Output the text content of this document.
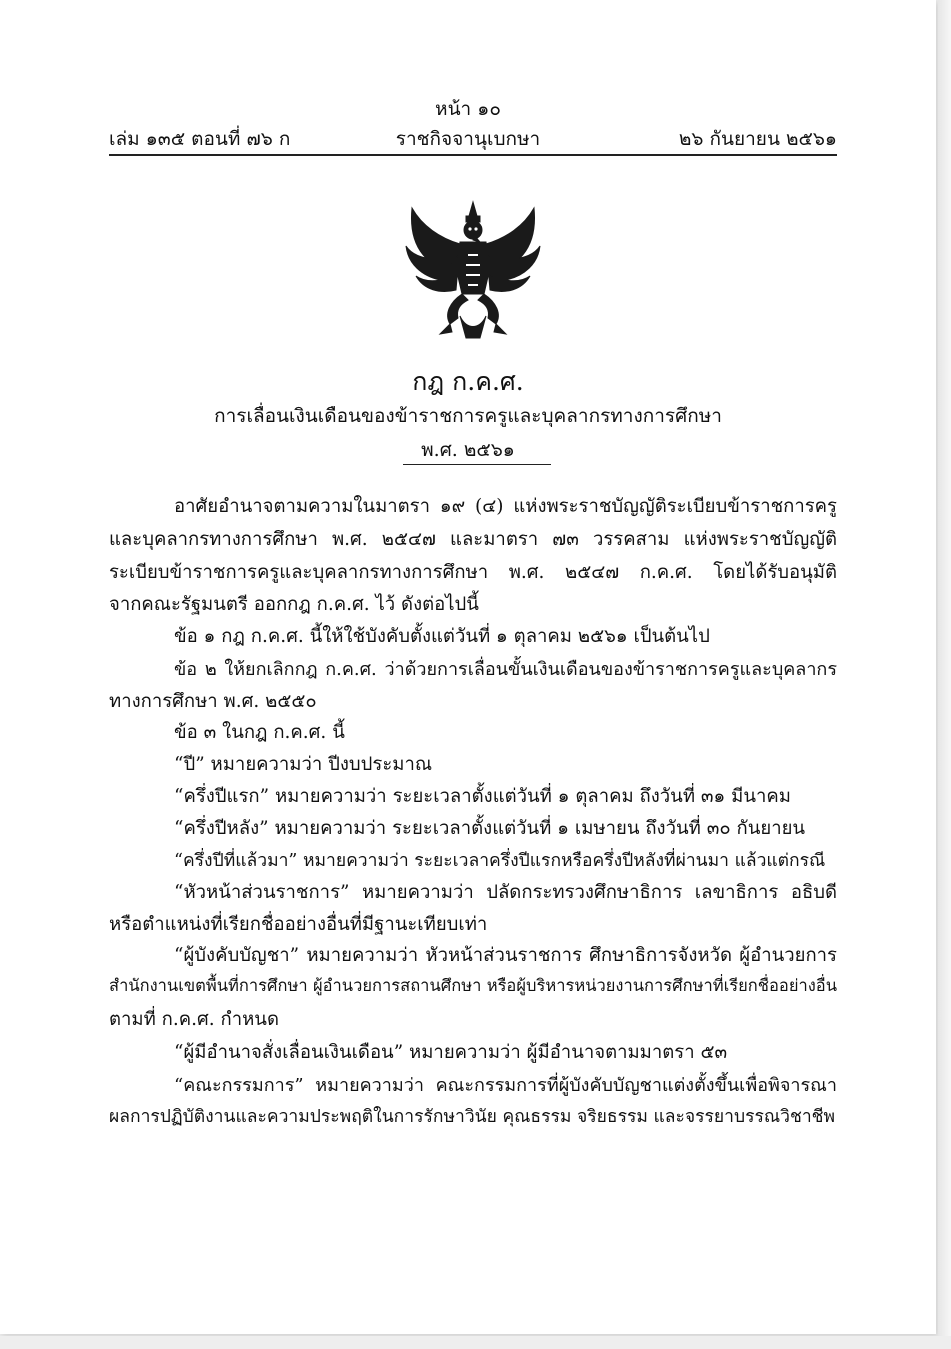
หน้า ๑๐
เล่ม ๑๓๕ ตอนที่ ๗๖ ก	ราชกิจจานุเบกษา	๒๖ กันยายน ๒๕๖๑
กฎ ก.ค.ศ.
การเลื่อนเงินเดือนของข้าราชการครูและบุคลากรทางการศึกษา
พ.ศ. ๒๕๖๑
อาศัยอำนาจตามความในมาตรา ๑๙ (๔) แห่งพระราชบัญญัติระเบียบข้าราชการครู
และบุคลากรทางการศึกษา พ.ศ. ๒๕๔๗ และมาตรา ๗๓ วรรคสาม แห่งพระราชบัญญัติ
ระเบียบข้าราชการครูและบุคลากรทางการศึกษา พ.ศ. ๒๕๔๗ ก.ค.ศ. โดยได้รับอนุมัติ
จากคณะรัฐมนตรี ออกกฎ ก.ค.ศ. ไว้ ดังต่อไปนี้
ข้อ ๑ กฎ ก.ค.ศ. นี้ให้ใช้บังคับตั้งแต่วันที่ ๑ ตุลาคม ๒๕๖๑ เป็นต้นไป
ข้อ ๒ ให้ยกเลิกกฎ ก.ค.ศ. ว่าด้วยการเลื่อนขั้นเงินเดือนของข้าราชการครูและบุคลากร
ทางการศึกษา พ.ศ. ๒๕๕๐
ข้อ ๓ ในกฎ ก.ค.ศ. นี้
“ปี” หมายความว่า ปีงบประมาณ
“ครึ่งปีแรก” หมายความว่า ระยะเวลาตั้งแต่วันที่ ๑ ตุลาคม ถึงวันที่ ๓๑ มีนาคม
“ครึ่งปีหลัง” หมายความว่า ระยะเวลาตั้งแต่วันที่ ๑ เมษายน ถึงวันที่ ๓๐ กันยายน
“ครึ่งปีที่แล้วมา” หมายความว่า ระยะเวลาครึ่งปีแรกหรือครึ่งปีหลังที่ผ่านมา แล้วแต่กรณี
“หัวหน้าส่วนราชการ” หมายความว่า ปลัดกระทรวงศึกษาธิการ เลขาธิการ อธิบดี
หรือตำแหน่งที่เรียกชื่ออย่างอื่นที่มีฐานะเทียบเท่า
“ผู้บังคับบัญชา” หมายความว่า หัวหน้าส่วนราชการ ศึกษาธิการจังหวัด ผู้อำนวยการ
สำนักงานเขตพื้นที่การศึกษา ผู้อำนวยการสถานศึกษา หรือผู้บริหารหน่วยงานการศึกษาที่เรียกชื่ออย่างอื่น
ตามที่ ก.ค.ศ. กำหนด
“ผู้มีอำนาจสั่งเลื่อนเงินเดือน” หมายความว่า ผู้มีอำนาจตามมาตรา ๕๓
“คณะกรรมการ” หมายความว่า คณะกรรมการที่ผู้บังคับบัญชาแต่งตั้งขึ้นเพื่อพิจารณา
ผลการปฏิบัติงานและความประพฤติในการรักษาวินัย คุณธรรม จริยธรรม และจรรยาบรรณวิชาชีพ
